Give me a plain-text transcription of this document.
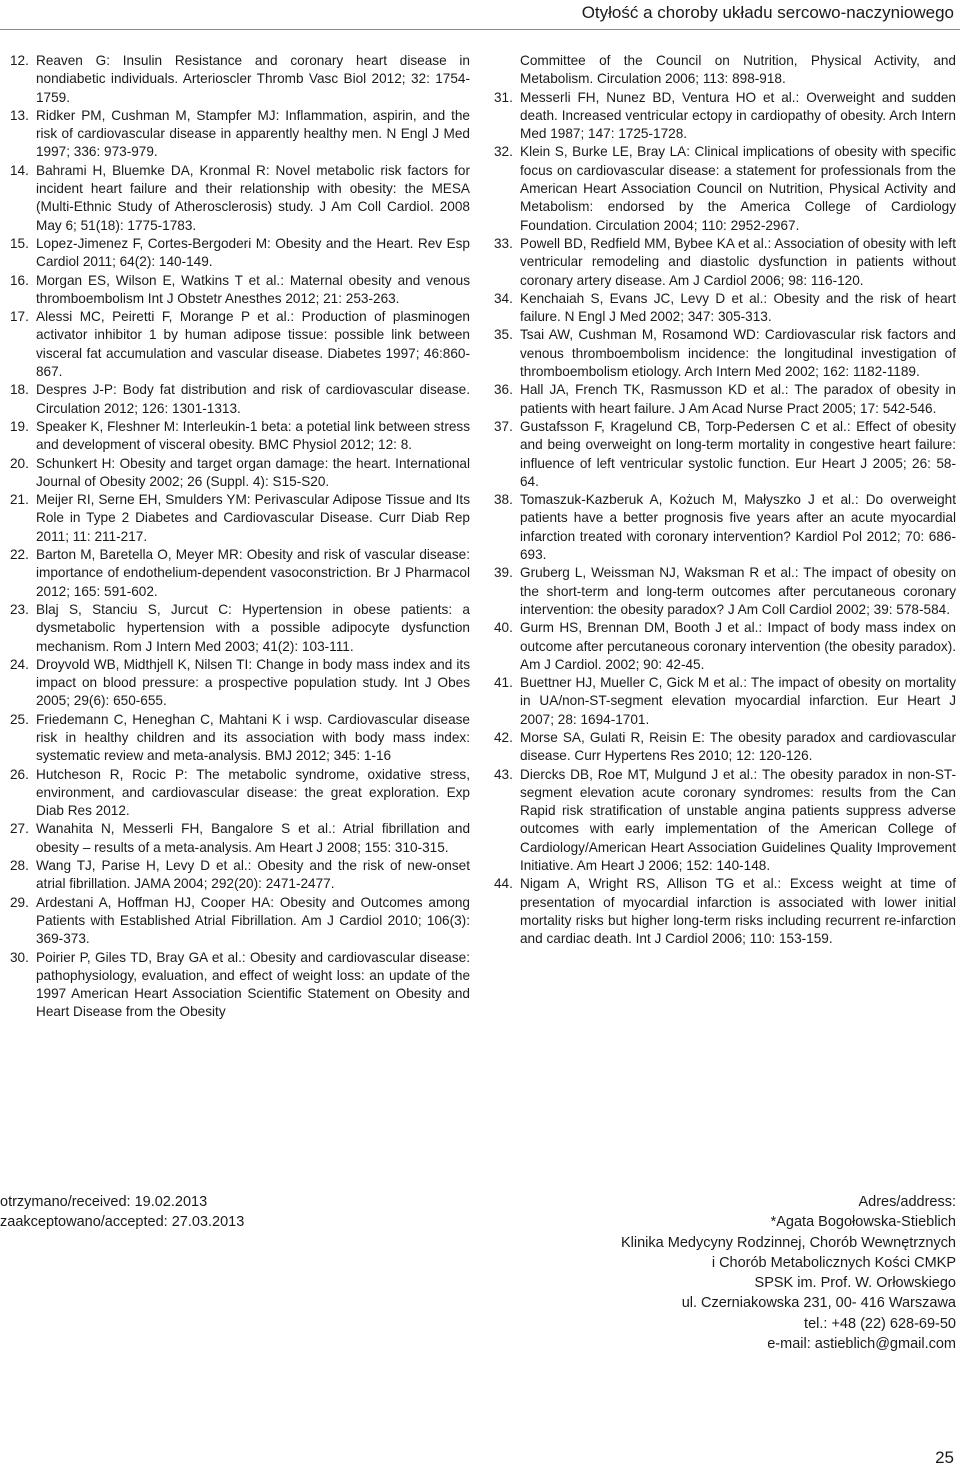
Otyłość a choroby układu sercowo-naczyniowego
12. Reaven G: Insulin Resistance and coronary heart disease in nondiabetic individuals. Arterioscler Thromb Vasc Biol 2012; 32: 1754-1759.
13. Ridker PM, Cushman M, Stampfer MJ: Inflammation, aspirin, and the risk of cardiovascular disease in apparently healthy men. N Engl J Med 1997; 336: 973-979.
14. Bahrami H, Bluemke DA, Kronmal R: Novel metabolic risk factors for incident heart failure and their relationship with obesity: the MESA (Multi-Ethnic Study of Atherosclerosis) study. J Am Coll Cardiol. 2008 May 6; 51(18): 1775-1783.
15. Lopez-Jimenez F, Cortes-Bergoderi M: Obesity and the Heart. Rev Esp Cardiol 2011; 64(2): 140-149.
16. Morgan ES, Wilson E, Watkins T et al.: Maternal obesity and venous thromboembolism Int J Obstetr Anesthes 2012; 21: 253-263.
17. Alessi MC, Peiretti F, Morange P et al.: Production of plasminogen activator inhibitor 1 by human adipose tissue: possible link between visceral fat accumulation and vascular disease. Diabetes 1997; 46:860-867.
18. Despres J-P: Body fat distribution and risk of cardiovascular disease. Circulation 2012; 126: 1301-1313.
19. Speaker K, Fleshner M: Interleukin-1 beta: a potetial link between stress and development of visceral obesity. BMC Physiol 2012; 12: 8.
20. Schunkert H: Obesity and target organ damage: the heart. International Journal of Obesity 2002; 26 (Suppl. 4): S15-S20.
21. Meijer RI, Serne EH, Smulders YM: Perivascular Adipose Tissue and Its Role in Type 2 Diabetes and Cardiovascular Disease. Curr Diab Rep 2011; 11: 211-217.
22. Barton M, Baretella O, Meyer MR: Obesity and risk of vascular disease: importance of endothelium-dependent vasoconstriction. Br J Pharmacol 2012; 165: 591-602.
23. Blaj S, Stanciu S, Jurcut C: Hypertension in obese patients: a dysmetabolic hypertension with a possible adipocyte dysfunction mechanism. Rom J Intern Med 2003; 41(2): 103-111.
24. Droyvold WB, Midthjell K, Nilsen TI: Change in body mass index and its impact on blood pressure: a prospective population study. Int J Obes 2005; 29(6): 650-655.
25. Friedemann C, Heneghan C, Mahtani K i wsp. Cardiovascular disease risk in healthy children and its association with body mass index: systematic review and meta-analysis. BMJ 2012; 345: 1-16
26. Hutcheson R, Rocic P: The metabolic syndrome, oxidative stress, environment, and cardiovascular disease: the great exploration. Exp Diab Res 2012.
27. Wanahita N, Messerli FH, Bangalore S et al.: Atrial fibrillation and obesity – results of a meta-analysis. Am Heart J 2008; 155: 310-315.
28. Wang TJ, Parise H, Levy D et al.: Obesity and the risk of new-onset atrial fibrillation. JAMA 2004; 292(20): 2471-2477.
29. Ardestani A, Hoffman HJ, Cooper HA: Obesity and Outcomes among Patients with Established Atrial Fibrillation. Am J Cardiol 2010; 106(3): 369-373.
30. Poirier P, Giles TD, Bray GA et al.: Obesity and cardiovascular disease: pathophysiology, evaluation, and effect of weight loss: an update of the 1997 American Heart Association Scientific Statement on Obesity and Heart Disease from the Obesity
Committee of the Council on Nutrition, Physical Activity, and Metabolism. Circulation 2006; 113: 898-918.
31. Messerli FH, Nunez BD, Ventura HO et al.: Overweight and sudden death. Increased ventricular ectopy in cardiopathy of obesity. Arch Intern Med 1987; 147: 1725-1728.
32. Klein S, Burke LE, Bray LA: Clinical implications of obesity with specific focus on cardiovascular disease: a statement for professionals from the American Heart Association Council on Nutrition, Physical Activity and Metabolism: endorsed by the America College of Cardiology Foundation. Circulation 2004; 110: 2952-2967.
33. Powell BD, Redfield MM, Bybee KA et al.: Association of obesity with left ventricular remodeling and diastolic dysfunction in patients without coronary artery disease. Am J Cardiol 2006; 98: 116-120.
34. Kenchaiah S, Evans JC, Levy D et al.: Obesity and the risk of heart failure. N Engl J Med 2002; 347: 305-313.
35. Tsai AW, Cushman M, Rosamond WD: Cardiovascular risk factors and venous thromboembolism incidence: the longitudinal investigation of thromboembolism etiology. Arch Intern Med 2002; 162: 1182-1189.
36. Hall JA, French TK, Rasmusson KD et al.: The paradox of obesity in patients with heart failure. J Am Acad Nurse Pract 2005; 17: 542-546.
37. Gustafsson F, Kragelund CB, Torp-Pedersen C et al.: Effect of obesity and being overweight on long-term mortality in congestive heart failure: influence of left ventricular systolic function. Eur Heart J 2005; 26: 58-64.
38. Tomaszuk-Kazberuk A, Kożuch M, Małyszko J et al.: Do overweight patients have a better prognosis five years after an acute myocardial infarction treated with coronary intervention? Kardiol Pol 2012; 70: 686-693.
39. Gruberg L, Weissman NJ, Waksman R et al.: The impact of obesity on the short-term and long-term outcomes after percutaneous coronary intervention: the obesity paradox? J Am Coll Cardiol 2002; 39: 578-584.
40. Gurm HS, Brennan DM, Booth J et al.: Impact of body mass index on outcome after percutaneous coronary intervention (the obesity paradox). Am J Cardiol. 2002; 90: 42-45.
41. Buettner HJ, Mueller C, Gick M et al.: The impact of obesity on mortality in UA/non-ST-segment elevation myocardial infarction. Eur Heart J 2007; 28: 1694-1701.
42. Morse SA, Gulati R, Reisin E: The obesity paradox and cardiovascular disease. Curr Hypertens Res 2010; 12: 120-126.
43. Diercks DB, Roe MT, Mulgund J et al.: The obesity paradox in non-ST-segment elevation acute coronary syndromes: results from the Can Rapid risk stratification of unstable angina patients suppress adverse outcomes with early implementation of the American College of Cardiology/American Heart Association Guidelines Quality Improvement Initiative. Am Heart J 2006; 152: 140-148.
44. Nigam A, Wright RS, Allison TG et al.: Excess weight at time of presentation of myocardial infarction is associated with lower initial mortality risks but higher long-term risks including recurrent re-infarction and cardiac death. Int J Cardiol 2006; 110: 153-159.
otrzymano/received: 19.02.2013
zaakceptowano/accepted: 27.03.2013
Adres/address:
*Agata Bogołowska-Stieblich
Klinika Medycyny Rodzinnej, Chorób Wewnętrznych
i Chorób Metabolicznych Kości CMKP
SPSK im. Prof. W. Orłowskiego
ul. Czerniakowska 231, 00- 416 Warszawa
tel.: +48 (22) 628-69-50
e-mail: astieblich@gmail.com
25
